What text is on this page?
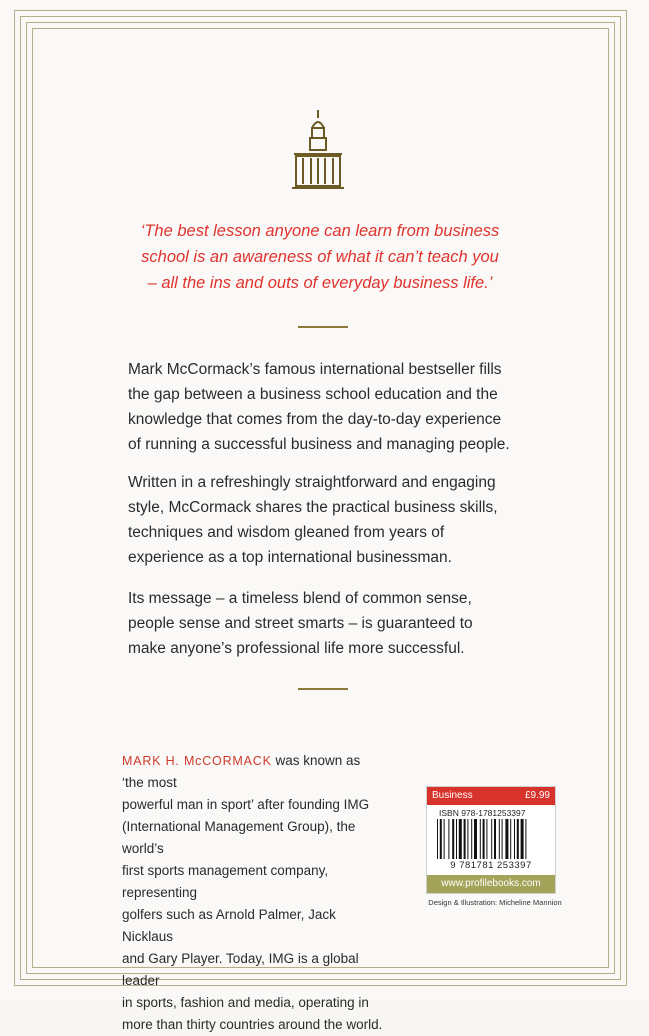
‘The best lesson anyone can learn from business
school is an awareness of what it can’t teach you
– all the ins and outs of everyday business life.’
Mark McCormack’s famous international bestseller fills
the gap between a business school education and the
knowledge that comes from the day-to-day experience
of running a successful business and managing people.
Written in a refreshingly straightforward and engaging
style, McCormack shares the practical business skills,
techniques and wisdom gleaned from years of
experience as a top international businessman.
Its message – a timeless blend of common sense,
people sense and street smarts – is guaranteed to
make anyone’s professional life more successful.
MARK H. McCORMACK was known as ‘the most
powerful man in sport’ after founding IMG
(International Management Group), the world’s
first sports management company, representing
golfers such as Arnold Palmer, Jack Nicklaus
and Gary Player. Today, IMG is a global leader
in sports, fashion and media, operating in
more than thirty countries around the world.
Business	£9.99
ISBN 978-1781253397
9 781781 253397
www.profilebooks.com
Design & Illustration: Micheline Mannion
